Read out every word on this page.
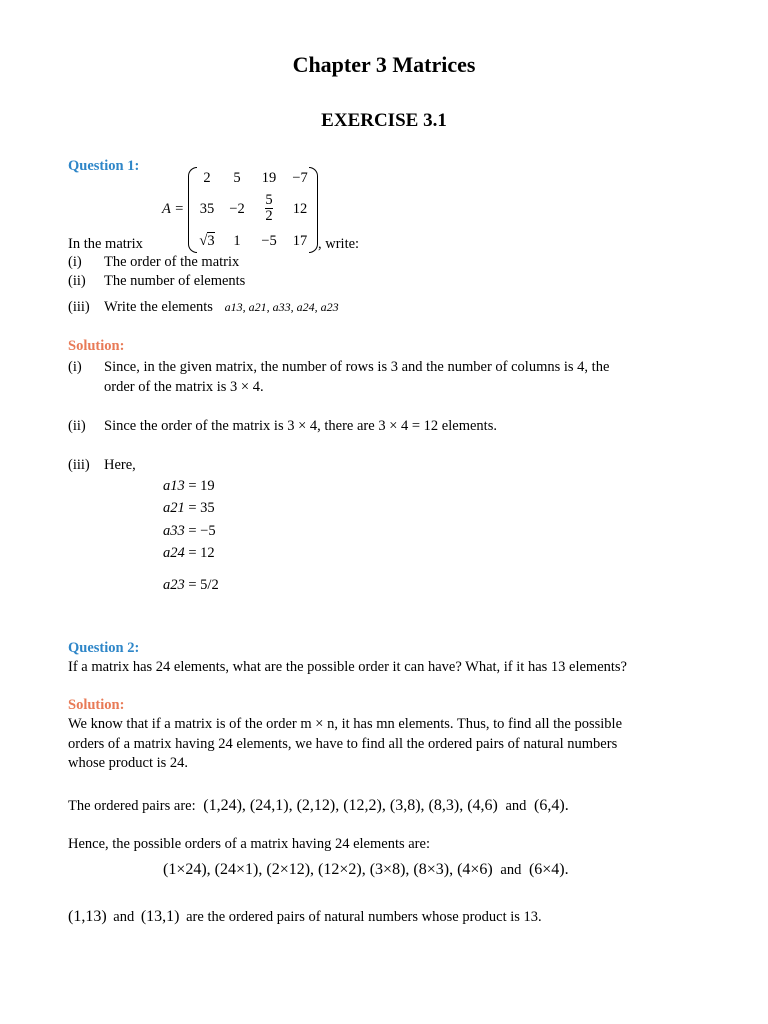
Chapter 3 Matrices
EXERCISE 3.1
Question 1:
A =
2	5	19	−7
35	−2	$\frac{5}{2}$	12
√3	1	−5	17
In the matrix	, write:
(i) The order of the matrix
(ii) The number of elements
(iii) Write the elements a13, a21, a33, a24, a23
Solution:
(i) Since, in the given matrix, the number of rows is 3 and the number of columns is 4, the
order of the matrix is 3 × 4.
(ii) Since the order of the matrix is 3 × 4, there are 3 × 4 = 12 elements.
(iii) Here,
a13 = 19
a21 = 35
a33 = −5
a24 = 12
a23 = 5/2
Question 2:
If a matrix has 24 elements, what are the possible order it can have? What, if it has 13 elements?
Solution:
We know that if a matrix is of the order m × n, it has mn elements. Thus, to find all the possible
orders of a matrix having 24 elements, we have to find all the ordered pairs of natural numbers
whose product is 24.
The ordered pairs are: (1,24), (24,1), (2,12), (12,2), (3,8), (8,3), (4,6) and (6,4).
Hence, the possible orders of a matrix having 24 elements are:
(1×24), (24×1), (2×12), (12×2), (3×8), (8×3), (4×6) and (6×4).
(1,13) and (13,1) are the ordered pairs of natural numbers whose product is 13.
